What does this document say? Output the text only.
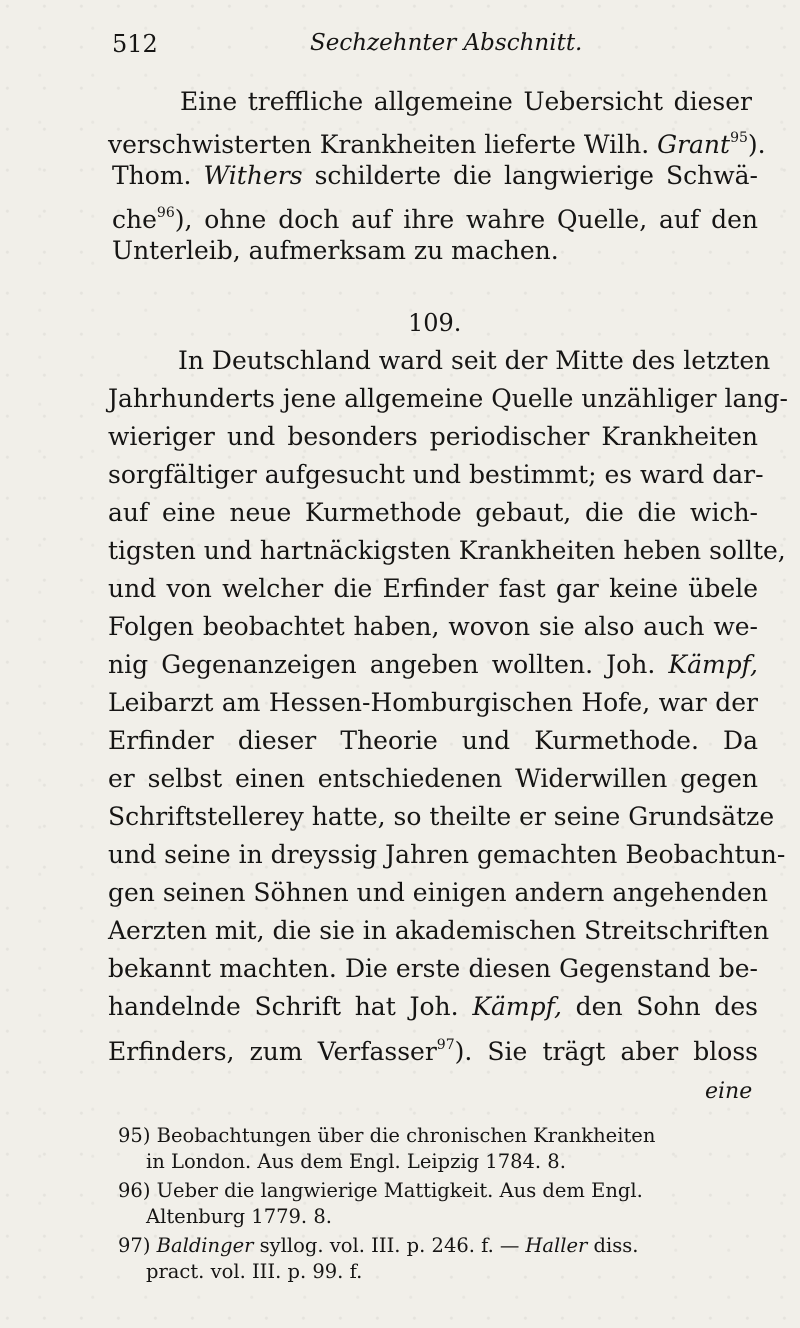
512	Sechzehnter Abschnitt.
Eine treffliche allgemeine Uebersicht dieser
verschwisterten Krankheiten lieferte Wilh. Grant$^{95}$).
Thom. Withers schilderte die langwierige Schwä-
che$^{96}$), ohne doch auf ihre wahre Quelle, auf den
Unterleib, aufmerksam zu machen.
109.
In Deutschland ward seit der Mitte des letzten
Jahrhunderts jene allgemeine Quelle unzähliger lang-
wieriger und besonders periodischer Krankheiten
sorgfältiger aufgesucht und bestimmt; es ward dar-
auf eine neue Kurmethode gebaut, die die wich-
tigsten und hartnäckigsten Krankheiten heben sollte,
und von welcher die Erfinder fast gar keine übele
Folgen beobachtet haben, wovon sie also auch we-
nig Gegenanzeigen angeben wollten. Joh. Kämpf,
Leibarzt am Hessen-Homburgischen Hofe, war der
Erfinder dieser Theorie und Kurmethode. Da
er selbst einen entschiedenen Widerwillen gegen
Schriftstellerey hatte, so theilte er seine Grundsätze
und seine in dreyssig Jahren gemachten Beobachtun-
gen seinen Söhnen und einigen andern angehenden
Aerzten mit, die sie in akademischen Streitschriften
bekannt machten. Die erste diesen Gegenstand be-
handelnde Schrift hat Joh. Kämpf, den Sohn des
Erfinders, zum Verfasser$^{97}$). Sie trägt aber bloss
eine
95) Beobachtungen über die chronischen Krankheiten
in London. Aus dem Engl. Leipzig 1784. 8.
96) Ueber die langwierige Mattigkeit. Aus dem Engl.
Altenburg 1779. 8.
97) Baldinger syllog. vol. III. p. 246. f. — Haller diss.
pract. vol. III. p. 99. f.
